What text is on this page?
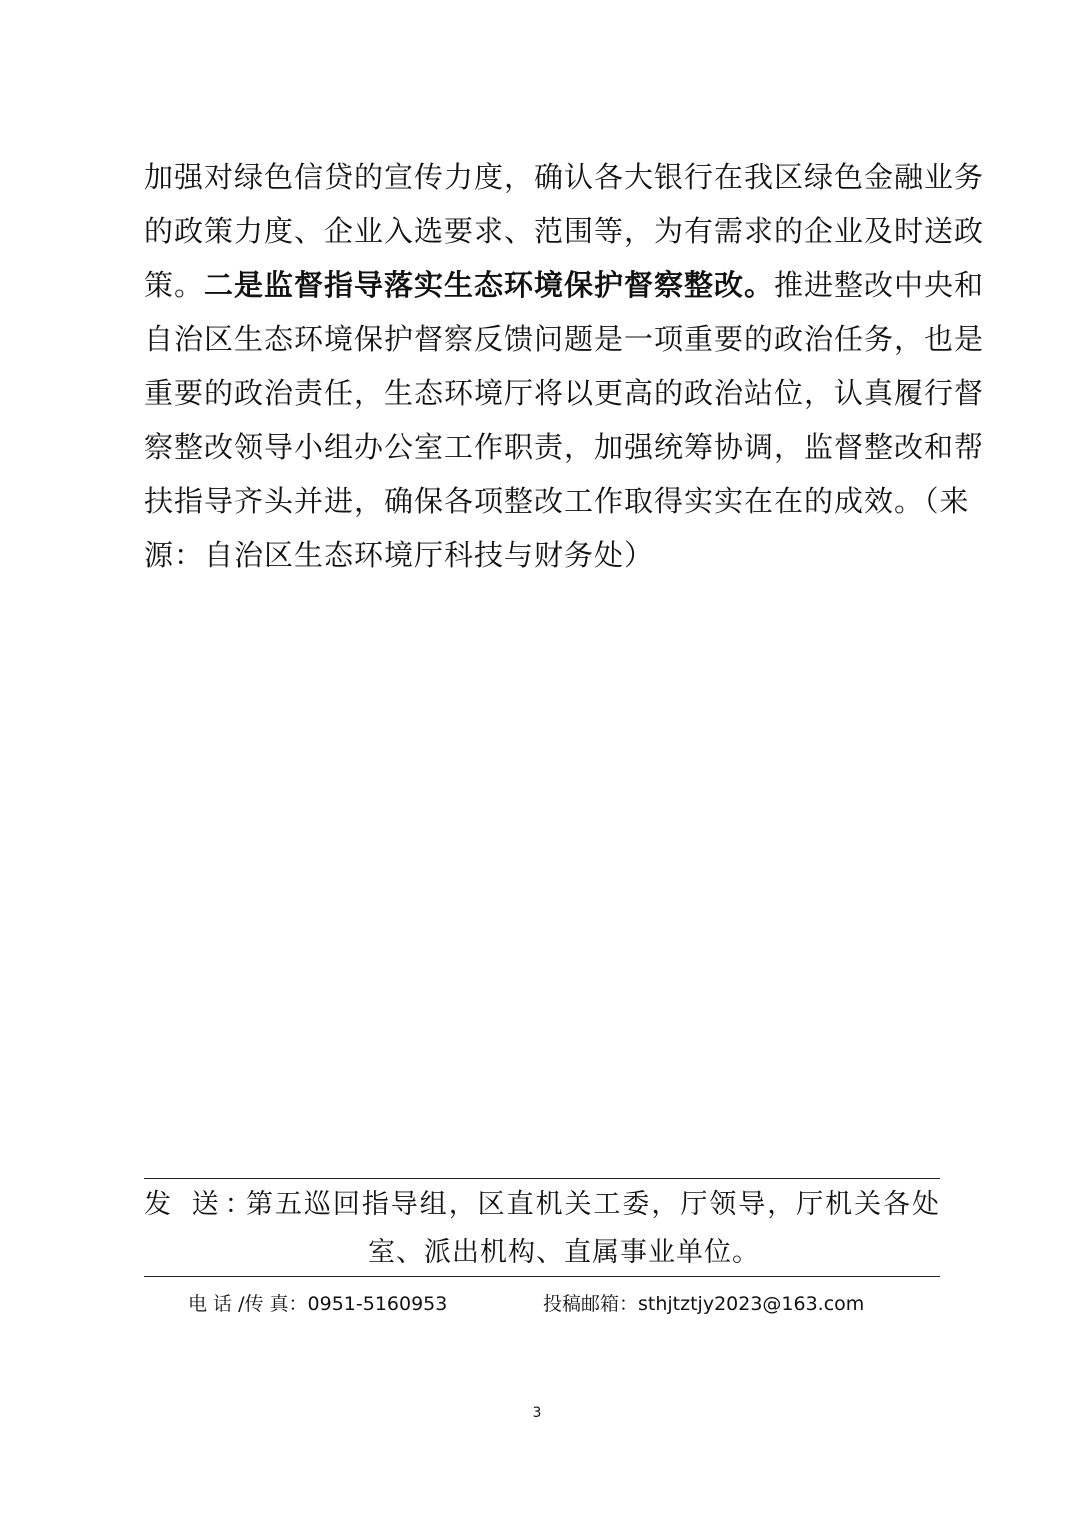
加强对绿色信贷的宣传力度，确认各大银行在我区绿色金融业务
的政策力度、企业入选要求、范围等，为有需求的企业及时送政
策。二是监督指导落实生态环境保护督察整改。推进整改中央和
自治区生态环境保护督察反馈问题是一项重要的政治任务，也是
重要的政治责任，生态环境厅将以更高的政治站位，认真履行督
察整改领导小组办公室工作职责，加强统筹协调，监督整改和帮
扶指导齐头并进，确保各项整改工作取得实实在在的成效。（来
源：自治区生态环境厅科技与财务处）
发 送：
第五巡回指导组，区直机关工委，厅领导，厅机关各处
室、派出机构、直属事业单位。
电 话 /传 真：0951-5160953	投稿邮箱：sthjtztjy2023@163.com
3
